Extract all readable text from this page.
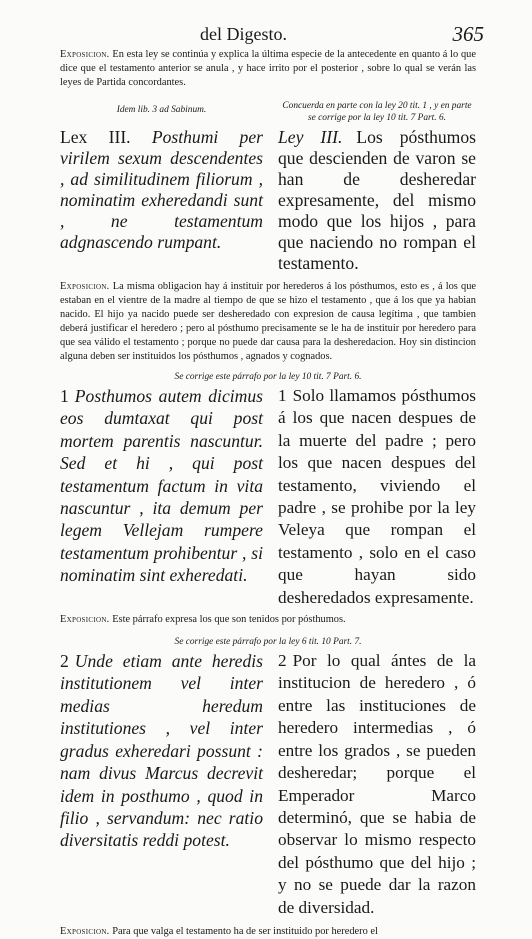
del Digesto.	365

Exposicion. En esta ley se continúa y explica la última especie de la antecedente en quanto á lo que dice que el testamento anterior se anula , y hace irrito por el posterior , sobre lo qual se verán las leyes de Partida concordantes.

Idem lib. 3 ad Sabinum.	Concuerda en parte con la ley 20 tit. 1 , y en parte se corrige por la ley 10 tit. 7 Part. 6.

Lex III. Posthumi per virilem sexum descendentes , ad similitudinem filiorum , nominatim exheredandi sunt , ne testamentum adgnascendo rumpant.

Ley III. Los pósthumos que descienden de varon se han de desheredar expresamente, del mismo modo que los hijos , para que naciendo no rompan el testamento.

Exposicion. La misma obligacion hay á instituir por herederos á los pósthumos, esto es , á los que estaban en el vientre de la madre al tiempo de que se hizo el testamento , que á los que ya habian nacido. El hijo ya nacido puede ser desheredado con expresion de causa legítima , que tambien deberá justificar el heredero ; pero al pósthumo precisamente se le ha de instituir por heredero para que sea válido el testamento ; porque no puede dar causa para la desheredacion. Hoy sin distincion alguna deben ser instituidos los pósthumos , agnados y cognados.

Se corrige este párrafo por la ley 10 tit. 7 Part. 6.

1 Posthumos autem dicimus eos dumtaxat qui post mortem parentis nascuntur. Sed et hi , qui post testamentum factum in vita nascuntur , ita demum per legem Vellejam rumpere testamentum prohibentur , si nominatim sint exheredati.

1 Solo llamamos pósthumos á los que nacen despues de la muerte del padre ; pero los que nacen despues del testamento, viviendo el padre , se prohibe por la ley Veleya que rompan el testamento , solo en el caso que hayan sido desheredados expresamente.

Exposicion. Este párrafo expresa los que son tenidos por pósthumos.

Se corrige este párrafo por la ley 6 tit. 10 Part. 7.

2 Unde etiam ante heredis institutionem vel inter medias heredum institutiones , vel inter gradus exheredari possunt : nam divus Marcus decrevit idem in posthumo , quod in filio , servandum: nec ratio diversitatis reddi potest.

2 Por lo qual ántes de la institucion de heredero , ó entre las instituciones de heredero intermedias , ó entre los grados , se pueden desheredar; porque el Emperador Marco determinó, que se habia de observar lo mismo respecto del pósthumo que del hijo ; y no se puede dar la razon de diversidad.

Exposicion. Para que valga el testamento ha de ser instituido por heredero el
